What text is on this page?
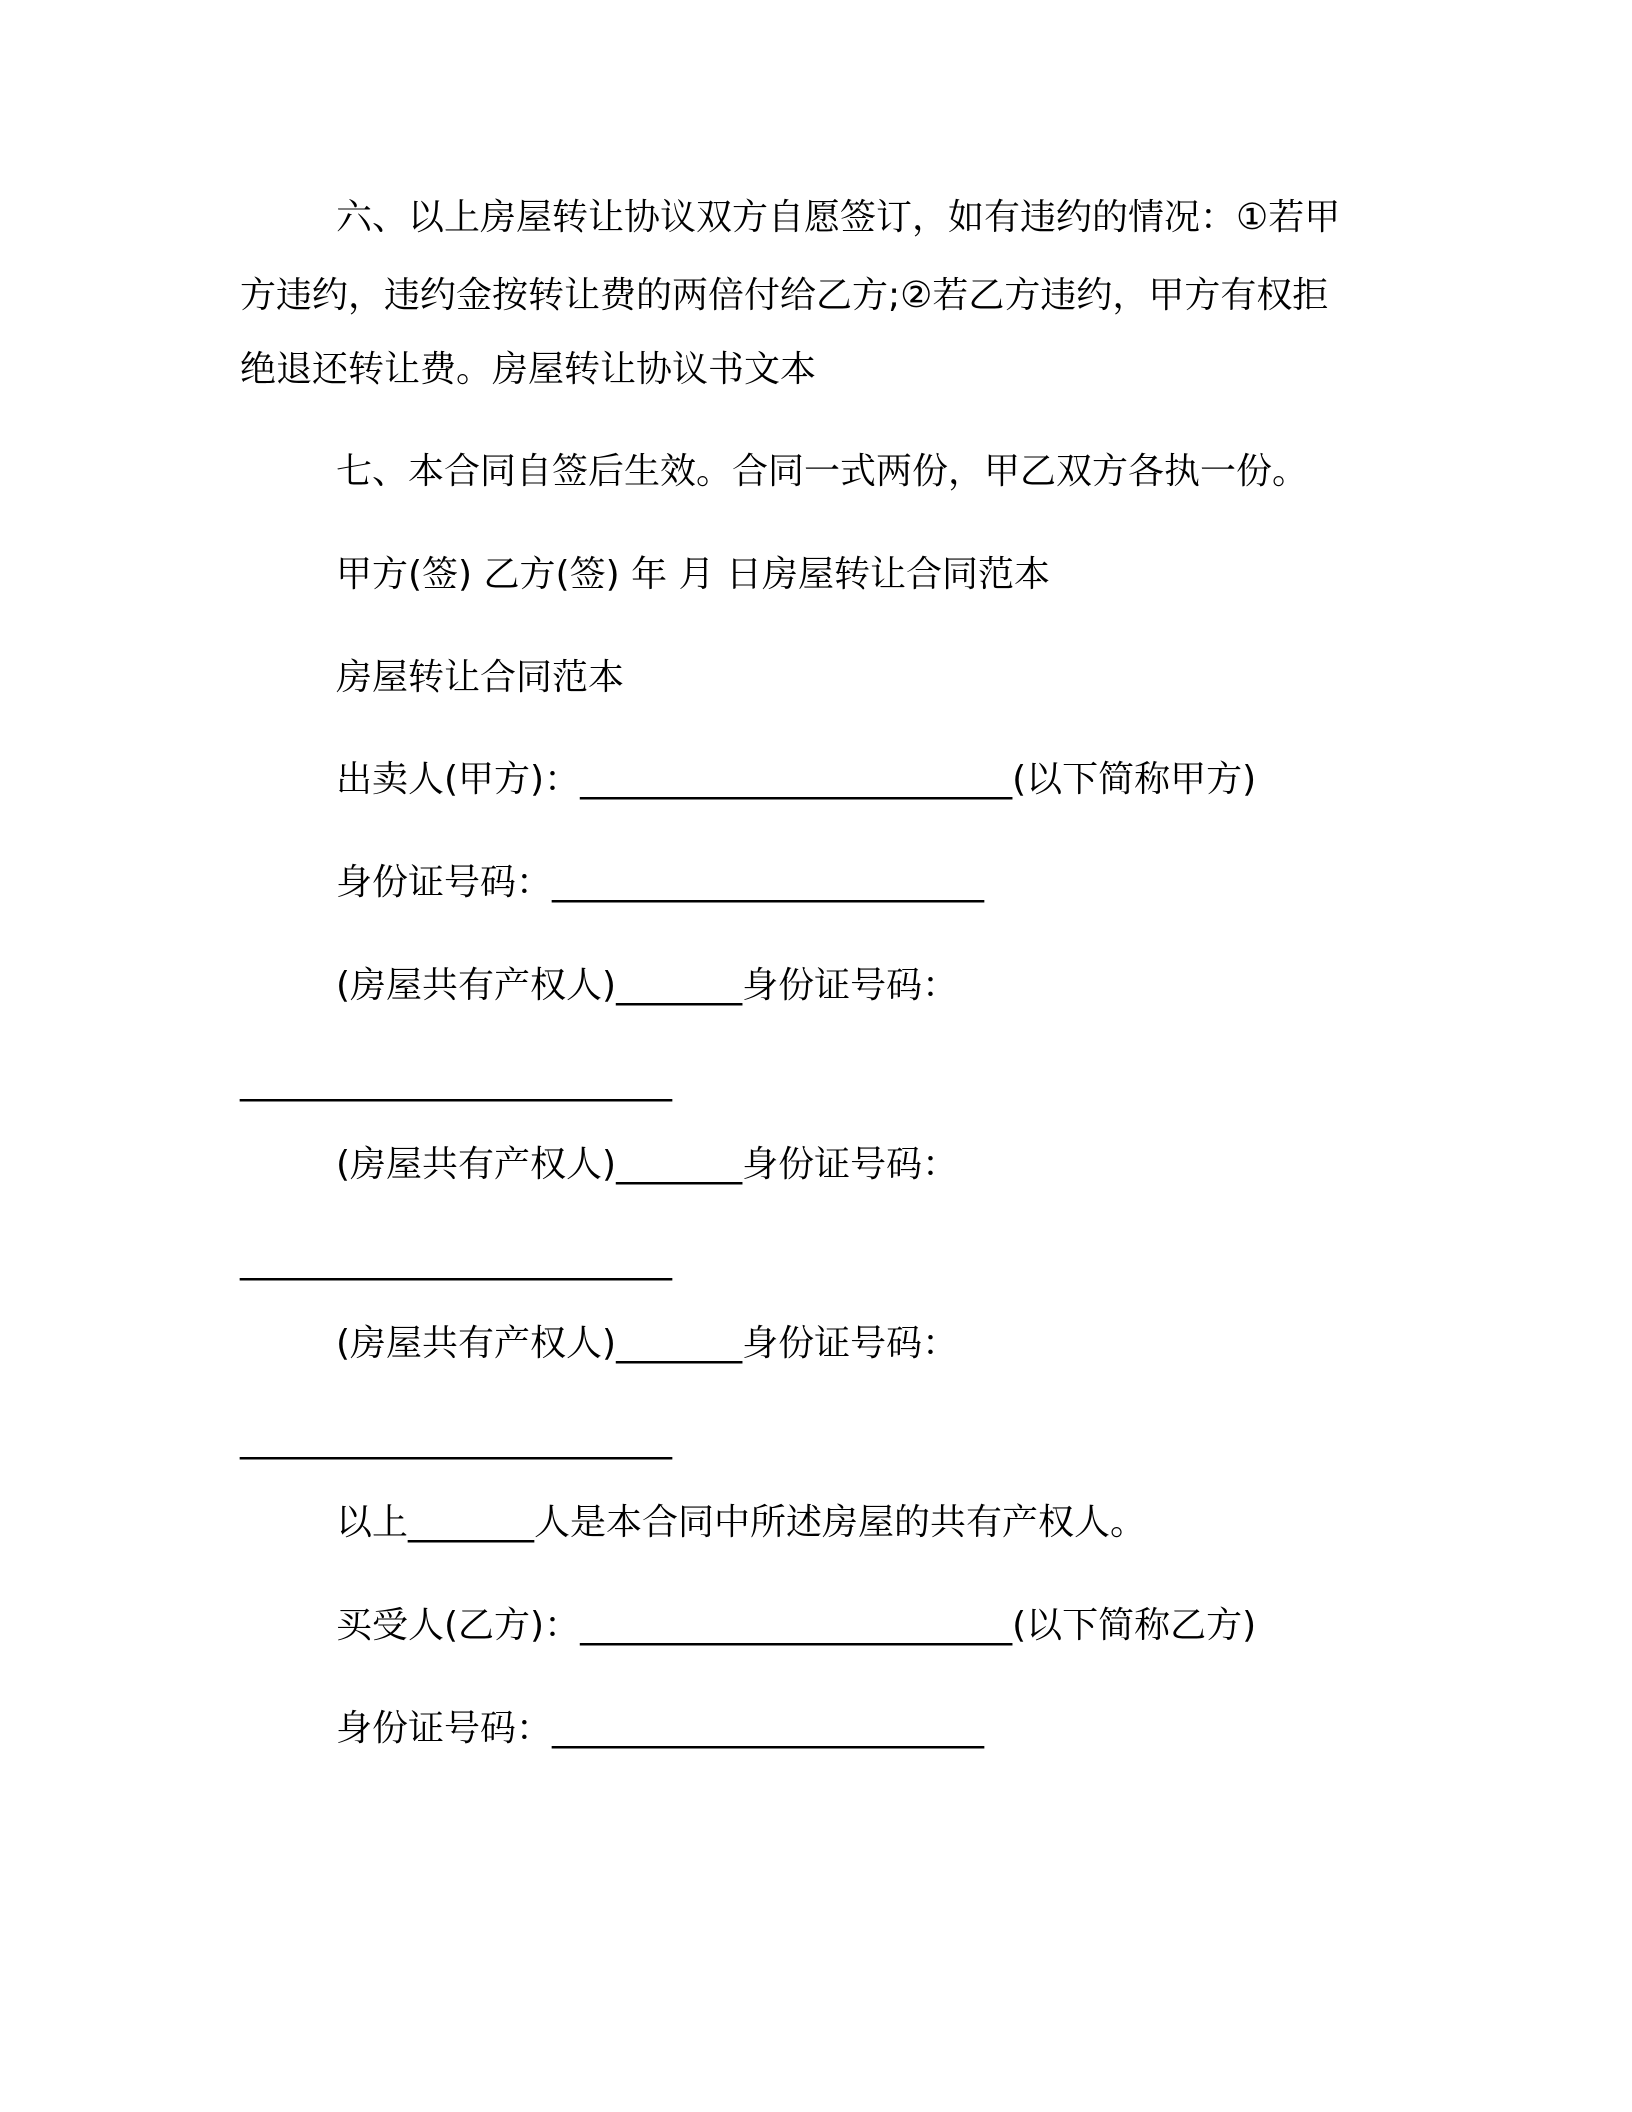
六、以上房屋转让协议双方自愿签订，如有违约的情况：①若甲
方违约，违约金按转让费的两倍付给乙方;②若乙方违约，甲方有权拒
绝退还转让费。房屋转让协议书文本
七、本合同自签后生效。合同一式两份，甲乙双方各执一份。
甲方(签) 乙方(签) 年 月 日房屋转让合同范本
房屋转让合同范本
出卖人(甲方)：________________________(以下简称甲方)
身份证号码：________________________
(房屋共有产权人)_______身份证号码：
________________________
(房屋共有产权人)_______身份证号码：
________________________
(房屋共有产权人)_______身份证号码：
________________________
以上_______人是本合同中所述房屋的共有产权人。
买受人(乙方)：________________________(以下简称乙方)
身份证号码：________________________
